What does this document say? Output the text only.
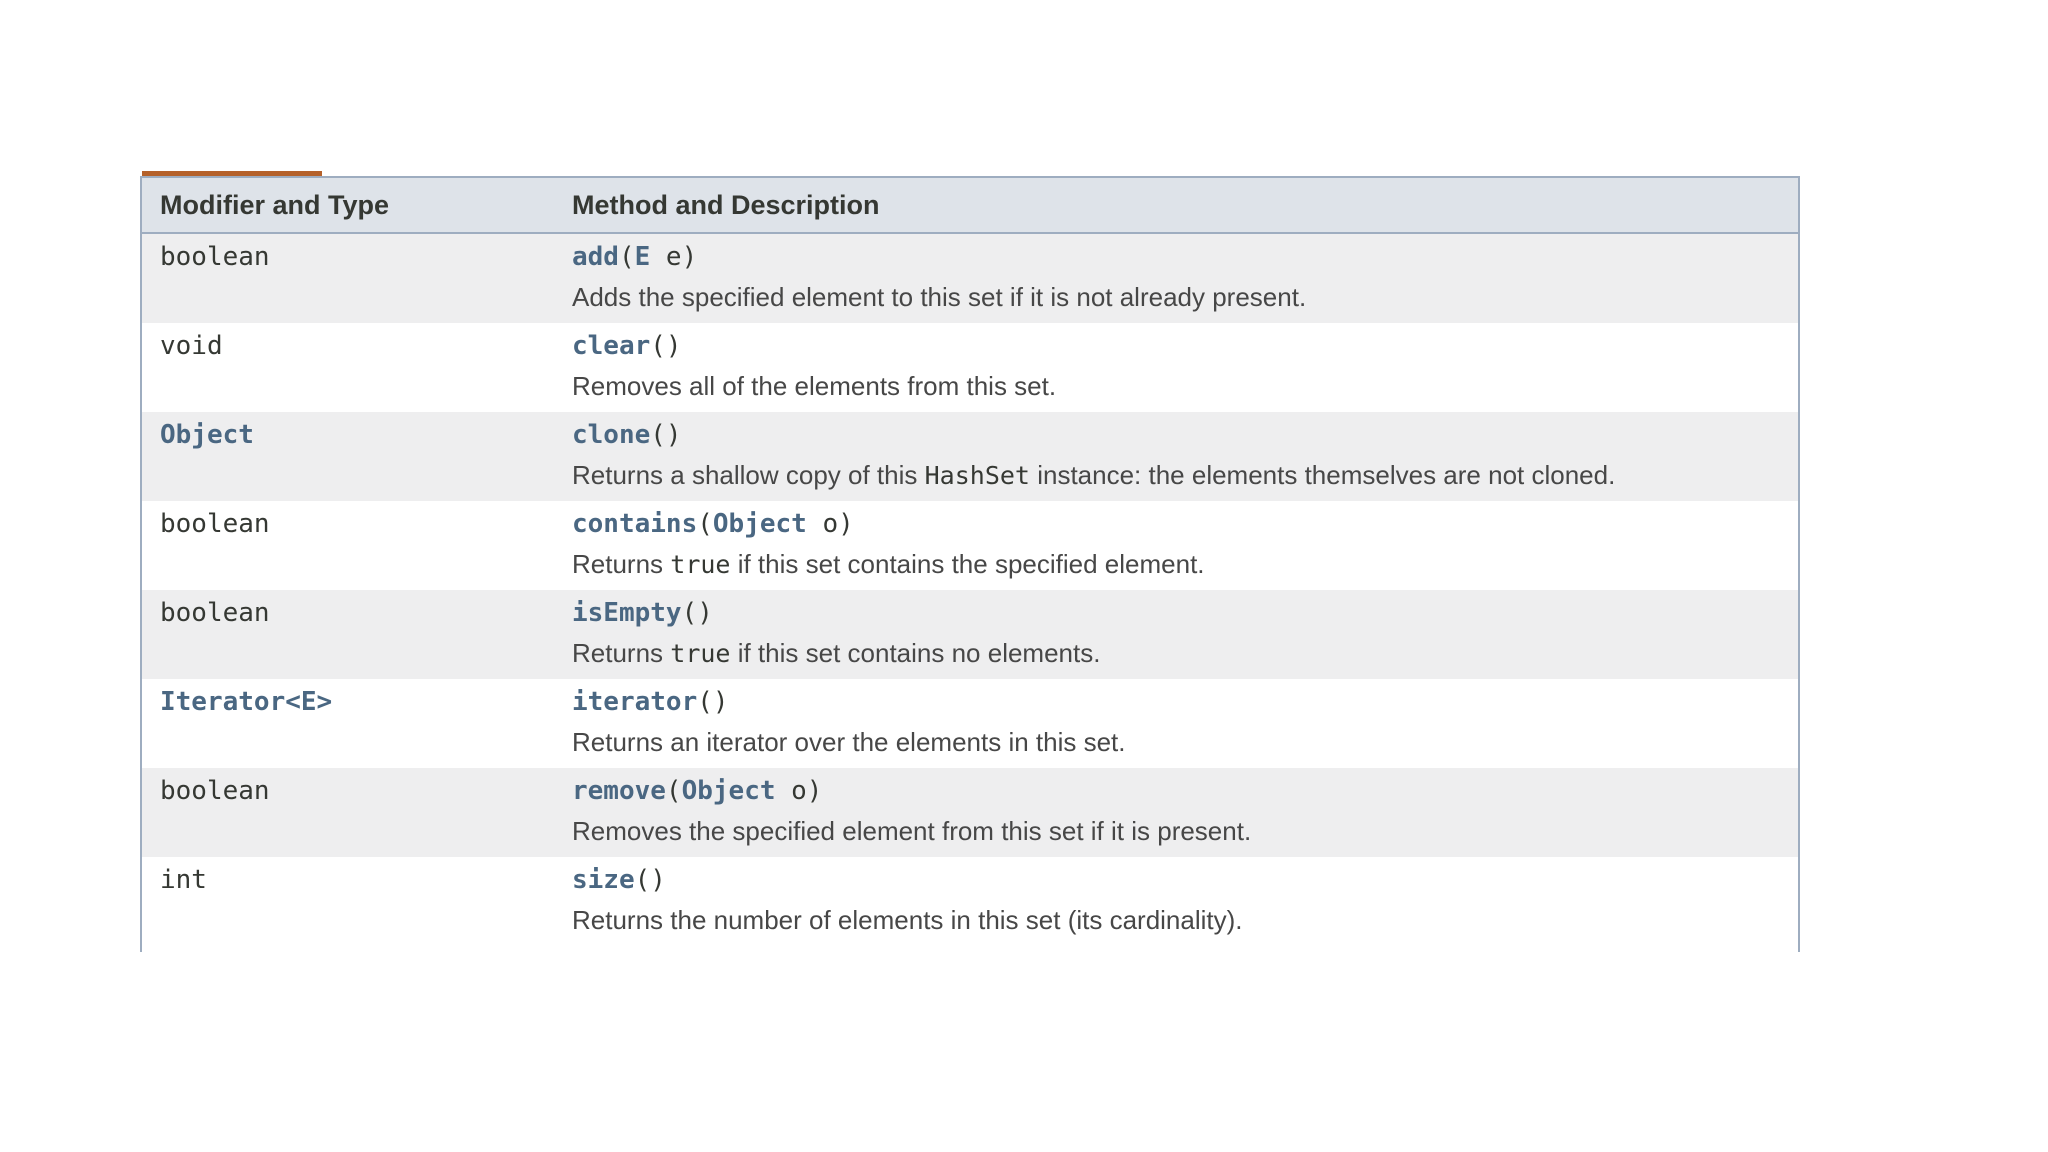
Modifier and Type	Method and Description
boolean	add(E e)
Adds the specified element to this set if it is not already present.
void	clear()
Removes all of the elements from this set.
Object	clone()
Returns a shallow copy of this HashSet instance: the elements themselves are not cloned.
boolean	contains(Object o)
Returns true if this set contains the specified element.
boolean	isEmpty()
Returns true if this set contains no elements.
Iterator<E>	iterator()
Returns an iterator over the elements in this set.
boolean	remove(Object o)
Removes the specified element from this set if it is present.
int	size()
Returns the number of elements in this set (its cardinality).
